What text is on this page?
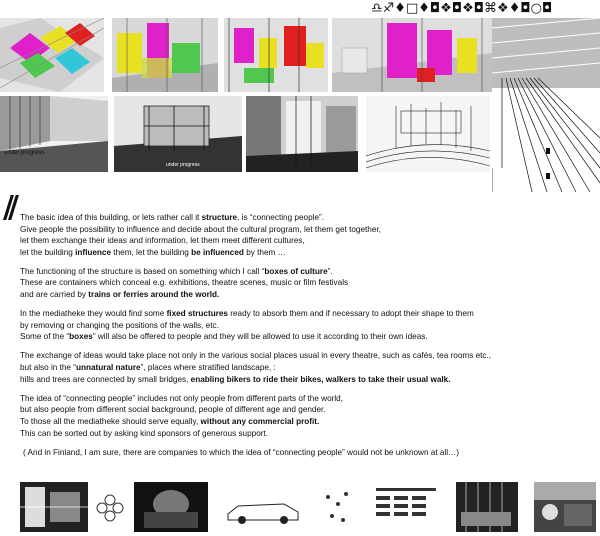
♎♐♦□♦◘❖◘❖◘⌘❖♦◘○◘
under progress
under progress
// The basic idea of this building, or lets rather call it structure, is “connecting people”.
Give people the possibility to influence and decide about the cultural program, let them get together,
let them exchange their ideas and information, let them meet different cultures,
let the building influence them, let the building be influenced by them …

The functioning of the structure is based on something which I call “boxes of culture”.
These are containers which conceal e.g. exhibitions, theatre scenes, music or film festivals
and are carried by trains or ferries around the world.

In the mediatheke they would find some fixed structures ready to absorb them and if necessary to adopt their shape to them
by removing or changing the positions of the walls, etc.
Some of the “boxes” will also be offered to people and they will be allowed to use it according to their own ideas.

The exchange of ideas would take place not only in the various social places usual in every theatre, such as cafés, tea rooms etc.,
but also in the “unnatural nature”, places where stratified landscape, :
hills and trees are connected by small bridges, enabling bikers to ride their bikes, walkers to take their usual walk.

The idea of “connecting people” includes not only people from different parts of the world,
but also people from different social background, people of different age and gender.
To those all the mediatheke should serve equally, without any commercial profit.
This can be sorted out by asking kind sponsors of generous support.

( And in Finland, I am sure, there are companies to which the idea of “connecting people” would not be unknown at all…)
